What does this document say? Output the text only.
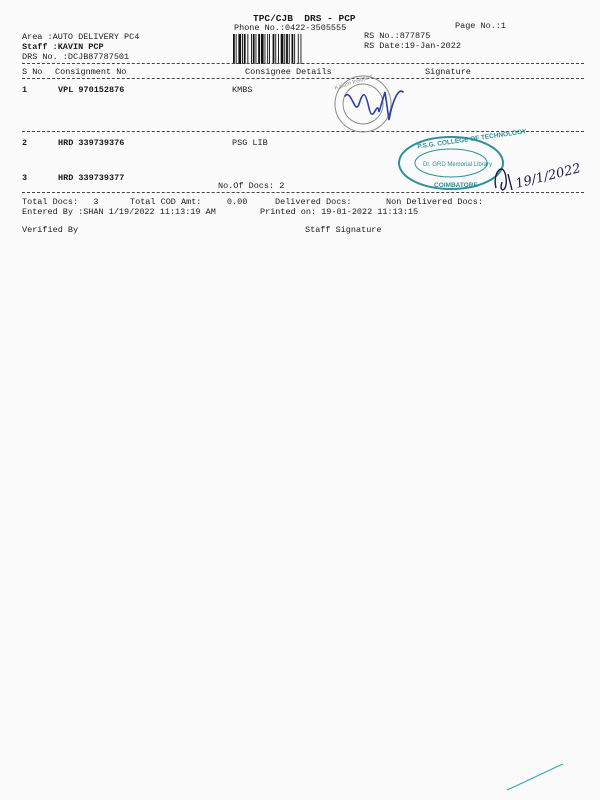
TPC/CJB  DRS - PCP
Phone No.:0422-3505555	Page No.:1
Area :AUTO DELIVERY PC4
Staff :KAVIN PCP
DRS No. :DCJB87787501
RS No.:877875
RS Date:19-Jan-2022
S No Consignment No	Consignee Details	Signature
1	VPL 970152876	KMBS
2	HRD 339739376	PSG LIB
3	HRD 339739377
No.Of Docs: 2
Total Docs:   3	Total COD Amt:     0.00	Delivered Docs:	Non Delivered Docs:
Entered By :SHAN 1/19/2022 11:13:19 AM	Printed on: 19-01-2022 11:13:15
Verified By	Staff Signature
Kalam Institute
P.S.G. COLLEGE OF TECHNOLOGY
Dr. GRD Memorial Library
COIMBATORE	19/1/2022
